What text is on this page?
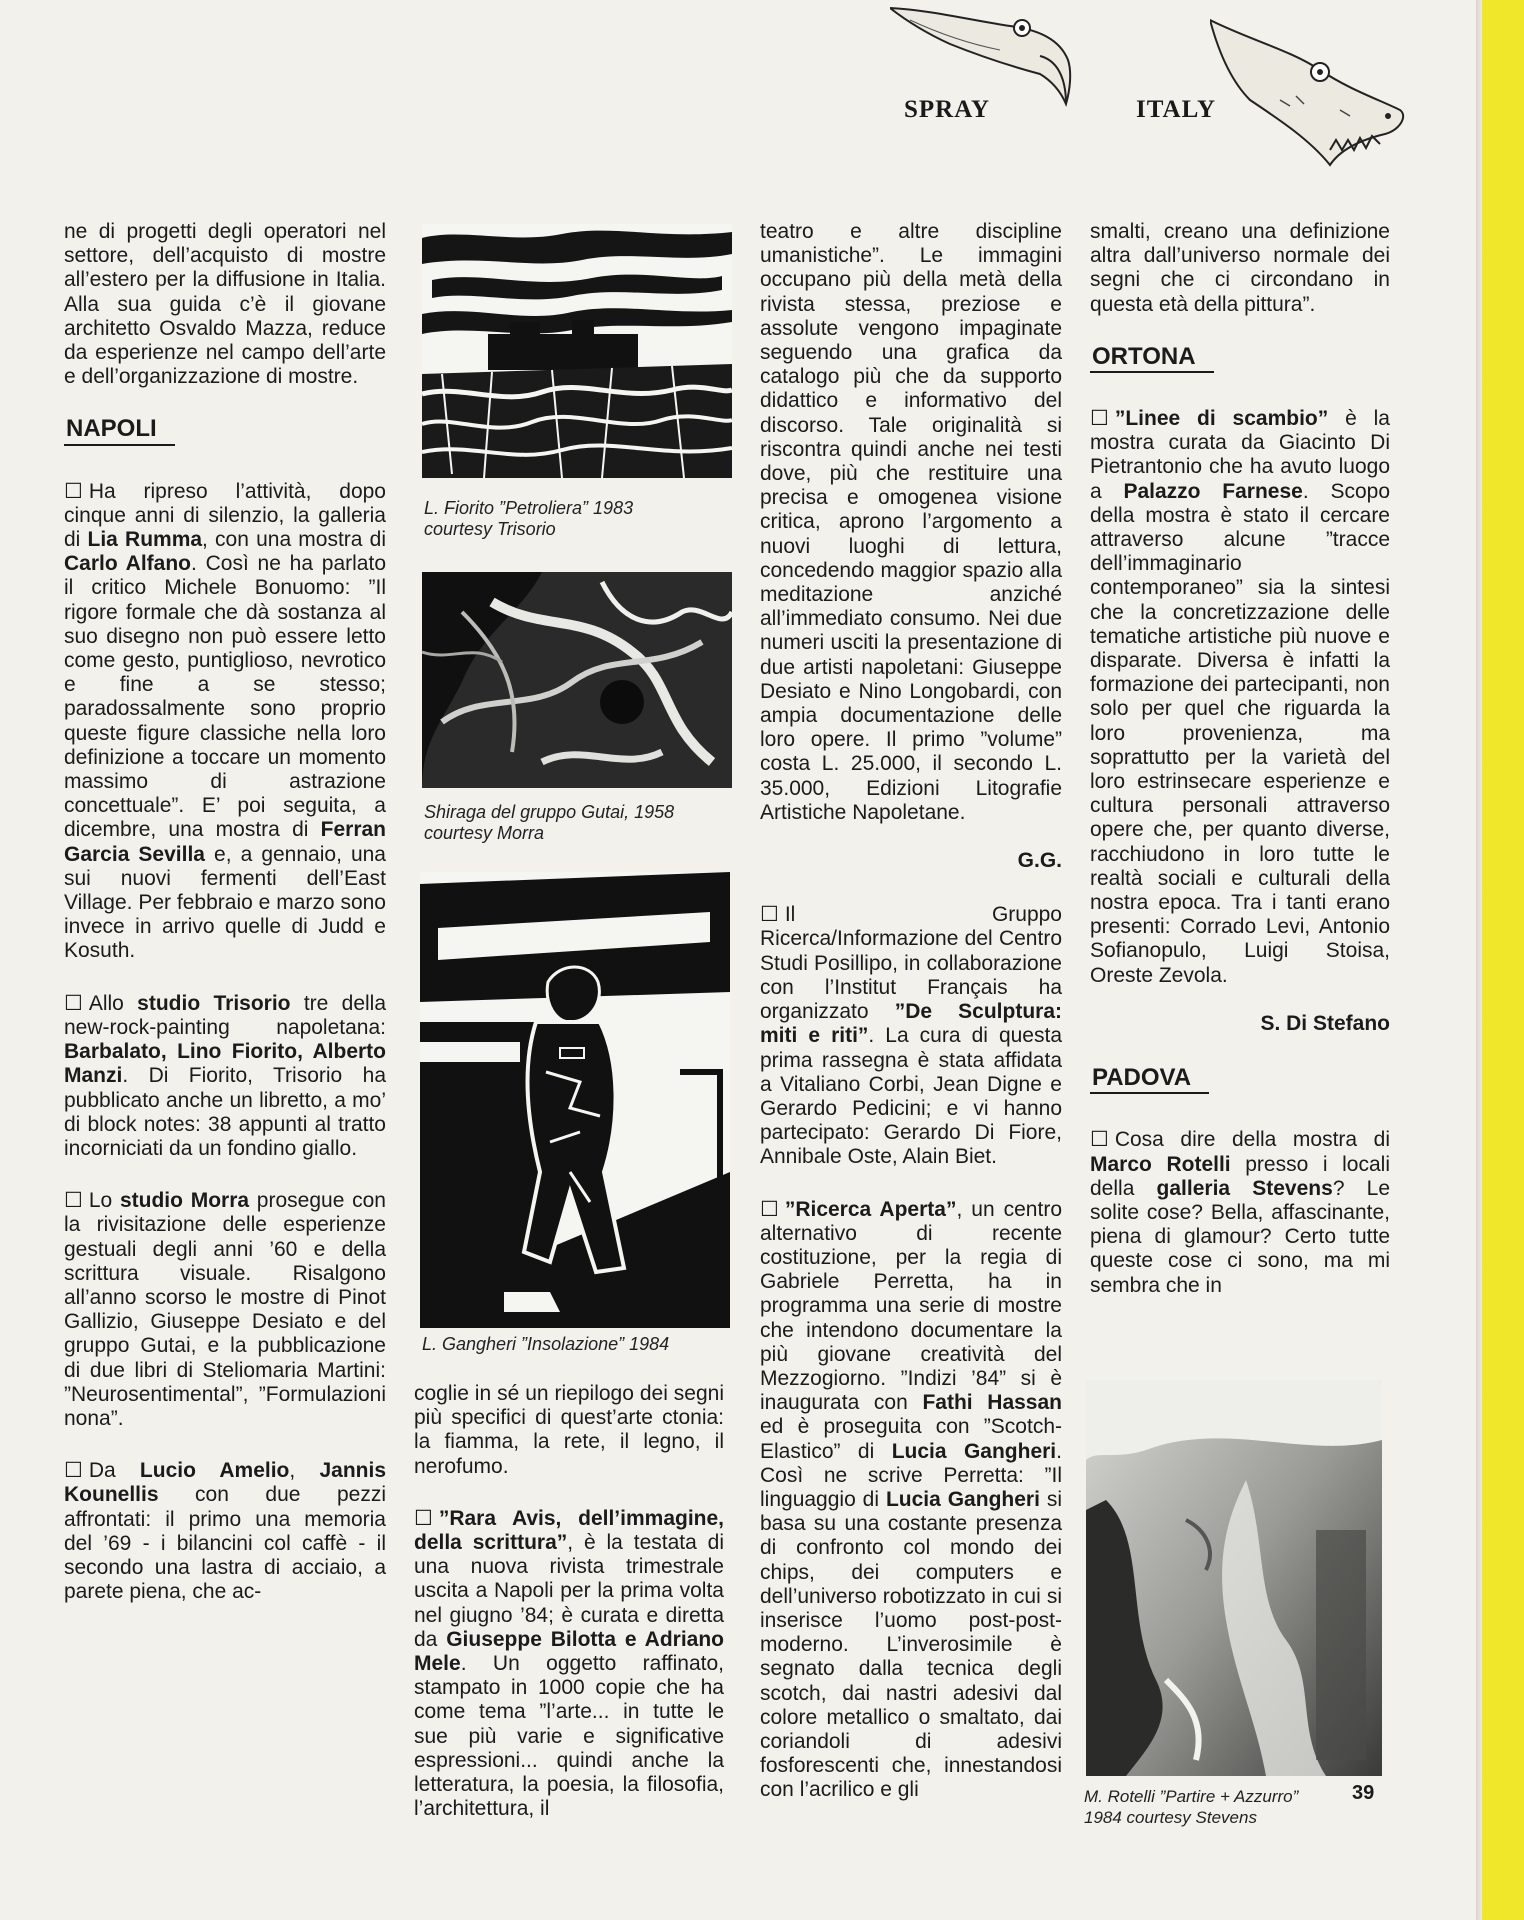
SPRAY	ITALY

ne di progetti degli operatori nel settore, dell’acquisto di mostre all’estero per la diffusione in Italia. Alla sua guida c’è il giovane architetto Osvaldo Mazza, reduce da esperienze nel campo dell’arte e dell’organizzazione di mostre.

NAPOLI

☐ Ha ripreso l’attività, dopo cinque anni di silenzio, la galleria di Lia Rumma, con una mostra di Carlo Alfano. Così ne ha parlato il critico Michele Bonuomo: ”Il rigore formale che dà sostanza al suo disegno non può essere letto come gesto, puntiglioso, nevrotico e fine a se stesso; paradossalmente sono proprio queste figure classiche nella loro definizione a toccare un momento massimo di astrazione concettuale”. E’ poi seguita, a dicembre, una mostra di Ferran Garcia Sevilla e, a gennaio, una sui nuovi fermenti dell’East Village. Per febbraio e marzo sono invece in arrivo quelle di Judd e Kosuth.

☐ Allo studio Trisorio tre della new-rock-painting napoletana: Barbalato, Lino Fiorito, Alberto Manzi. Di Fiorito, Trisorio ha pubblicato anche un libretto, a mo’ di block notes: 38 appunti al tratto incorniciati da un fondino giallo.

☐ Lo studio Morra prosegue con la rivisitazione delle esperienze gestuali degli anni ’60 e della scrittura visuale. Risalgono all’anno scorso le mostre di Pinot Gallizio, Giuseppe Desiato e del gruppo Gutai, e la pubblicazione di due libri di Steliomaria Martini: ”Neurosentimental”, ”Formulazioni nona”.

☐ Da Lucio Amelio, Jannis Kounellis con due pezzi affrontati: il primo una memoria del ’69 - i bilancini col caffè - il secondo una lastra di acciaio, a parete piena, che ac-

L. Fiorito ”Petroliera” 1983
courtesy Trisorio
Shiraga del gruppo Gutai, 1958
courtesy Morra
L. Gangheri ”Insolazione” 1984

coglie in sé un riepilogo dei segni più specifici di quest’arte ctonia: la fiamma, la rete, il legno, il nerofumo.

☐ ”Rara Avis, dell’immagine, della scrittura”, è la testata di una nuova rivista trimestrale uscita a Napoli per la prima volta nel giugno ’84; è curata e diretta da Giuseppe Bilotta e Adriano Mele. Un oggetto raffinato, stampato in 1000 copie che ha come tema ”l’arte... in tutte le sue più varie e significative espressioni... quindi anche la letteratura, la poesia, la filosofia, l’architettura, il

teatro e altre discipline umanistiche”. Le immagini occupano più della metà della rivista stessa, preziose e assolute vengono impaginate seguendo una grafica da catalogo più che da supporto didattico e informativo del discorso. Tale originalità si riscontra quindi anche nei testi dove, più che restituire una precisa e omogenea visione critica, aprono l’argomento a nuovi luoghi di lettura, concedendo maggior spazio alla meditazione anziché all’immediato consumo. Nei due numeri usciti la presentazione di due artisti napoletani: Giuseppe Desiato e Nino Longobardi, con ampia documentazione delle loro opere. Il primo ”volume” costa L. 25.000, il secondo L. 35.000, Edizioni Litografie Artistiche Napoletane.

G.G.

☐ Il Gruppo Ricerca/Informazione del Centro Studi Posillipo, in collaborazione con l’Institut Français ha organizzato ”De Sculptura: miti e riti”. La cura di questa prima rassegna è stata affidata a Vitaliano Corbi, Jean Digne e Gerardo Pedicini; e vi hanno partecipato: Gerardo Di Fiore, Annibale Oste, Alain Biet.

☐ ”Ricerca Aperta”, un centro alternativo di recente costituzione, per la regia di Gabriele Perretta, ha in programma una serie di mostre che intendono documentare la più giovane creatività del Mezzogiorno. ”Indizi ’84” si è inaugurata con Fathi Hassan ed è proseguita con ”Scotch-Elastico” di Lucia Gangheri. Così ne scrive Perretta: ”Il linguaggio di Lucia Gangheri si basa su una costante presenza di confronto col mondo dei chips, dei computers e dell’universo robotizzato in cui si inserisce l’uomo post-post-moderno. L’inverosimile è segnato dalla tecnica degli scotch, dai nastri adesivi dal colore metallico o smaltato, dai coriandoli di adesivi fosforescenti che, innestandosi con l’acrilico e gli

smalti, creano una definizione altra dall’universo normale dei segni che ci circondano in questa età della pittura”.

ORTONA

☐ ”Linee di scambio” è la mostra curata da Giacinto Di Pietrantonio che ha avuto luogo a Palazzo Farnese. Scopo della mostra è stato il cercare attraverso alcune ”tracce dell’immaginario contemporaneo” sia la sintesi che la concretizzazione delle tematiche artistiche più nuove e disparate. Diversa è infatti la formazione dei partecipanti, non solo per quel che riguarda la loro provenienza, ma soprattutto per la varietà del loro estrinsecare esperienze e cultura personali attraverso opere che, per quanto diverse, racchiudono in loro tutte le realtà sociali e culturali della nostra epoca. Tra i tanti erano presenti: Corrado Levi, Antonio Sofianopulo, Luigi Stoisa, Oreste Zevola.

S. Di Stefano
PADOVA

☐ Cosa dire della mostra di Marco Rotelli presso i locali della galleria Stevens? Le solite cose? Bella, affascinante, piena di glamour? Certo tutte queste cose ci sono, ma mi sembra che in

M. Rotelli ”Partire + Azzurro”
1984 courtesy Stevens
39
